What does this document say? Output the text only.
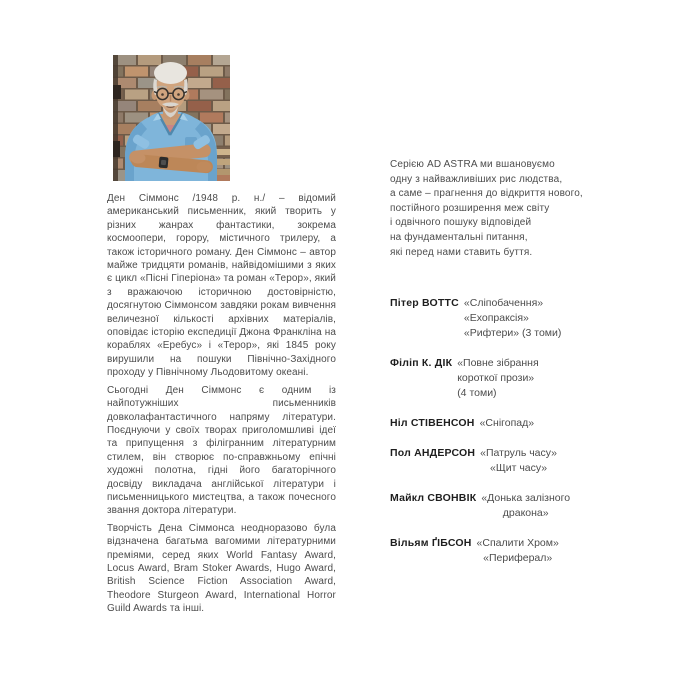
Ден Сіммонс /1948 р. н./ – відомий американський письменник, який творить у різних жанрах фантастики, зокрема космоопери, горору, містичного трилеру, а також історичного роману. Ден Сіммонс – автор майже тридцяти романів, найвідомішими з яких є цикл «Пісні Гіперіона» та роман «Терор», який з вражаючою історичною достовірністю, досягнутою Сіммонсом завдяки рокам вивчення величезної кількості архівних матеріалів, оповідає історію експедиції Джона Франкліна на кораблях «Еребус» і «Терор», які 1845 року вирушили на пошуки Північно-Західного проходу у Північному Льодовитому океані.

Сьогодні Ден Сіммонс є одним із найпотужніших письменників довколафантастичного напряму літератури. Поєднуючи у своїх творах приголомшливі ідеї та припущення з філігранним літературним стилем, він створює по-справжньому епічні художні полотна, гідні його багаторічного досвіду викладача англійської літератури і письменницького мистецтва, а також почесного звання доктора літератури.

Творчість Дена Сіммонса неодноразово була відзначена багатьма вагомими літературними преміями, серед яких World Fantasy Award, Locus Award, Bram Stoker Awards, Hugo Award, British Science Fiction Association Award, Theodore Sturgeon Award, International Horror Guild Awards та інші.

Серією AD ASTRA ми вшановуємо
одну з найважливіших рис людства,
а саме – прагнення до відкриття нового,
постійного розширення меж світу
і одвічного пошуку відповідей
на фундаментальні питання,
які перед нами ставить буття.
Пітер ВОТТС «Сліпобачення»
«Ехопраксія»
«Рифтери» (3 томи)
Філіп К. ДІК «Повне зібрання
короткої прози»
(4 томи)
Ніл СТІВЕНСОН «Снігопад»
Пол АНДЕРСОН «Патруль часу»
«Щит часу»
Майкл СВОНВІК «Донька залізного
дракона»
Вільям ҐІБСОН «Спалити Хром»
«Периферал»
